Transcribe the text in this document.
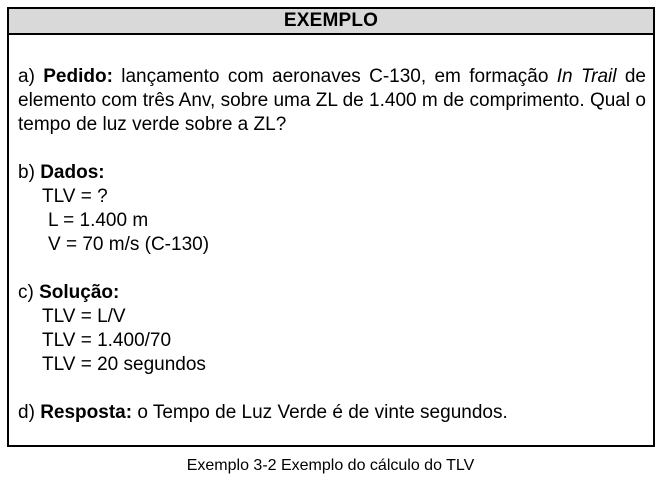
EXEMPLO
a) Pedido: lançamento com aeronaves C-130, em formação In Trail de elemento com três Anv, sobre uma ZL de 1.400 m de comprimento. Qual o tempo de luz verde sobre a ZL?
b) Dados:
TLV = ?
L = 1.400 m
V = 70 m/s (C-130)
c) Solução:
TLV = L/V
TLV = 1.400/70
TLV = 20 segundos
d) Resposta: o Tempo de Luz Verde é de vinte segundos.
Exemplo 3-2 Exemplo do cálculo do TLV
